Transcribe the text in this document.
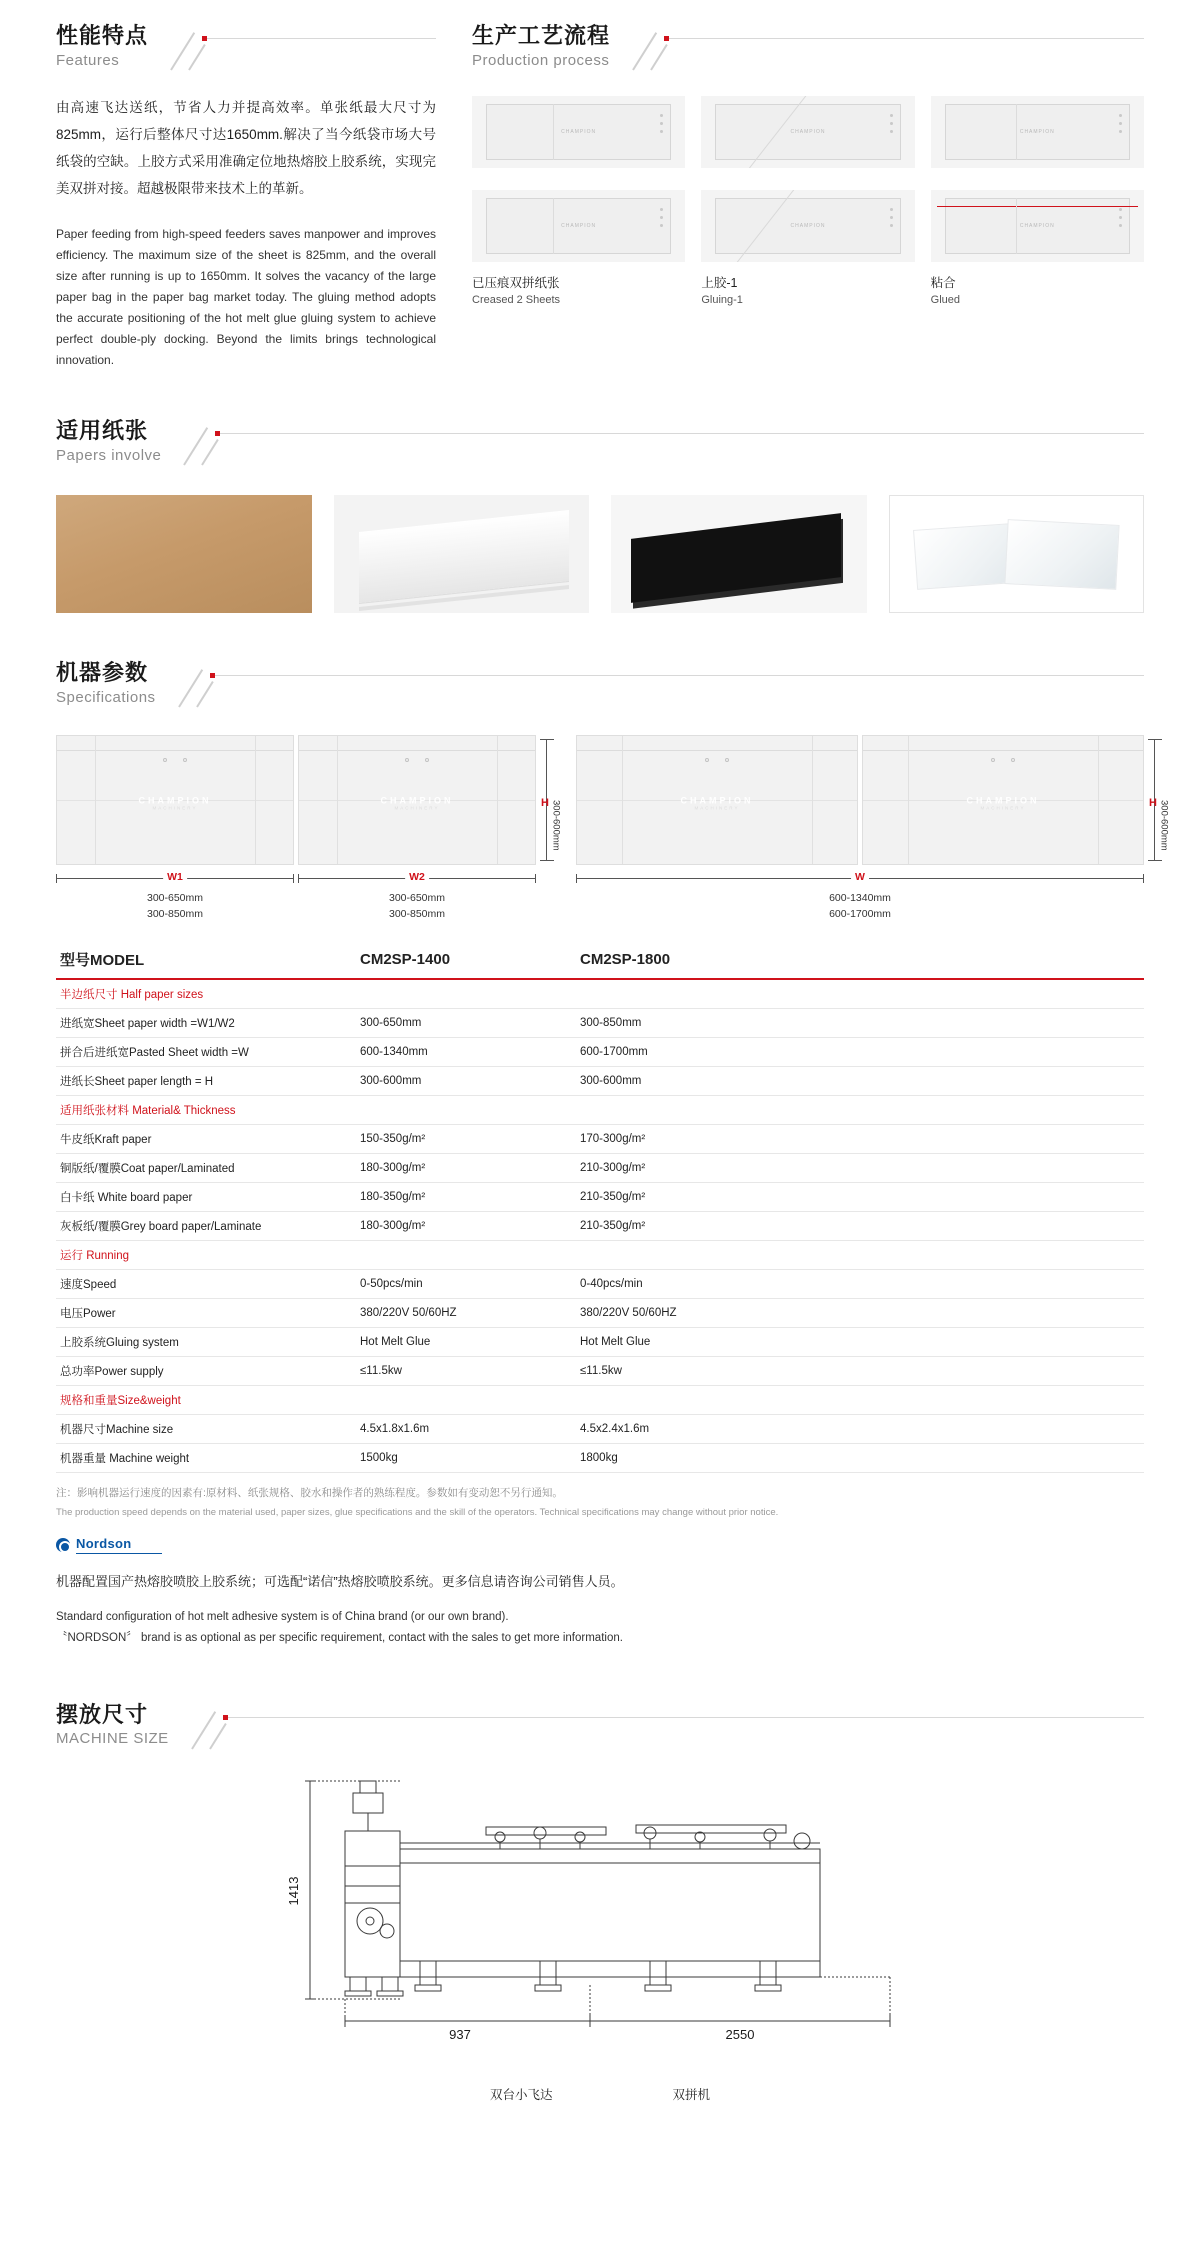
性能特点
Features
由高速飞达送纸，节省人力并提高效率。单张纸最大尺寸为825mm，运行后整体尺寸达1650mm.解决了当今纸袋市场大号纸袋的空缺。上胶方式采用准确定位地热熔胶上胶系统，实现完美双拼对接。超越极限带来技术上的革新。
Paper feeding from high-speed feeders saves manpower and improves efficiency. The maximum size of the sheet is 825mm, and the overall size after running is up to 1650mm. It solves the vacancy of the large paper bag in the paper bag market today. The gluing method adopts the accurate positioning of the hot melt glue gluing system to achieve perfect double-ply docking. Beyond the limits brings technological innovation.
生产工艺流程
Production process
CHAMPION	CHAMPION	CHAMPION
CHAMPION	CHAMPION	CHAMPION
已压痕双拼纸张
Creased 2 Sheets
上胶-1
Gluing-1
粘合
Glued
适用纸张
Papers involve
机器参数
Specifications
CHAMPION
MACHINERY
CHAMPION
MACHINERY	H 300-600mm
W1	W2
300-650mm
300-850mm
300-650mm
300-850mm
CHAMPION
MACHINERY
CHAMPION
MACHINERY	H 300-600mm
W
600-1340mm
600-1700mm
型号MODEL	CM2SP-1400	CM2SP-1800
半边纸尺寸 Half paper sizes		
进纸宽Sheet paper width =W1/W2	300-650mm	300-850mm
拼合后进纸宽Pasted Sheet width =W	600-1340mm	600-1700mm
进纸长Sheet paper length = H	300-600mm	300-600mm
适用纸张材料 Material& Thickness		
牛皮纸Kraft paper	150-350g/m²	170-300g/m²
铜版纸/覆膜Coat paper/Laminated	180-300g/m²	210-300g/m²
白卡纸 White board paper	180-350g/m²	210-350g/m²
灰板纸/覆膜Grey board paper/Laminate	180-300g/m²	210-350g/m²
运行 Running		
速度Speed	0-50pcs/min	0-40pcs/min
电压Power	380/220V 50/60HZ	380/220V 50/60HZ
上胶系统Gluing system	Hot Melt Glue	Hot Melt Glue
总功率Power supply	≤11.5kw	≤11.5kw
规格和重量Size&weight		
机器尺寸Machine size	4.5x1.8x1.6m	4.5x2.4x1.6m
机器重量 Machine weight	1500kg	1800kg
注：影响机器运行速度的因素有:原材料、纸张规格、胶水和操作者的熟练程度。参数如有变动恕不另行通知。
The production speed depends on the material used, paper sizes, glue specifications and the skill of the operators. Technical specifications may change without prior notice.
Nordson
机器配置国产热熔胶喷胶上胶系统；可选配“诺信”热熔胶喷胶系统。更多信息请咨询公司销售人员。
Standard configuration of hot melt adhesive system is of China brand (or our own brand).
〝NORDSON〞 brand is as optional as per specific requirement, contact with the sales to get more information.
摆放尺寸
MACHINE SIZE
1413
937	2550
双台小飞达	双拼机
